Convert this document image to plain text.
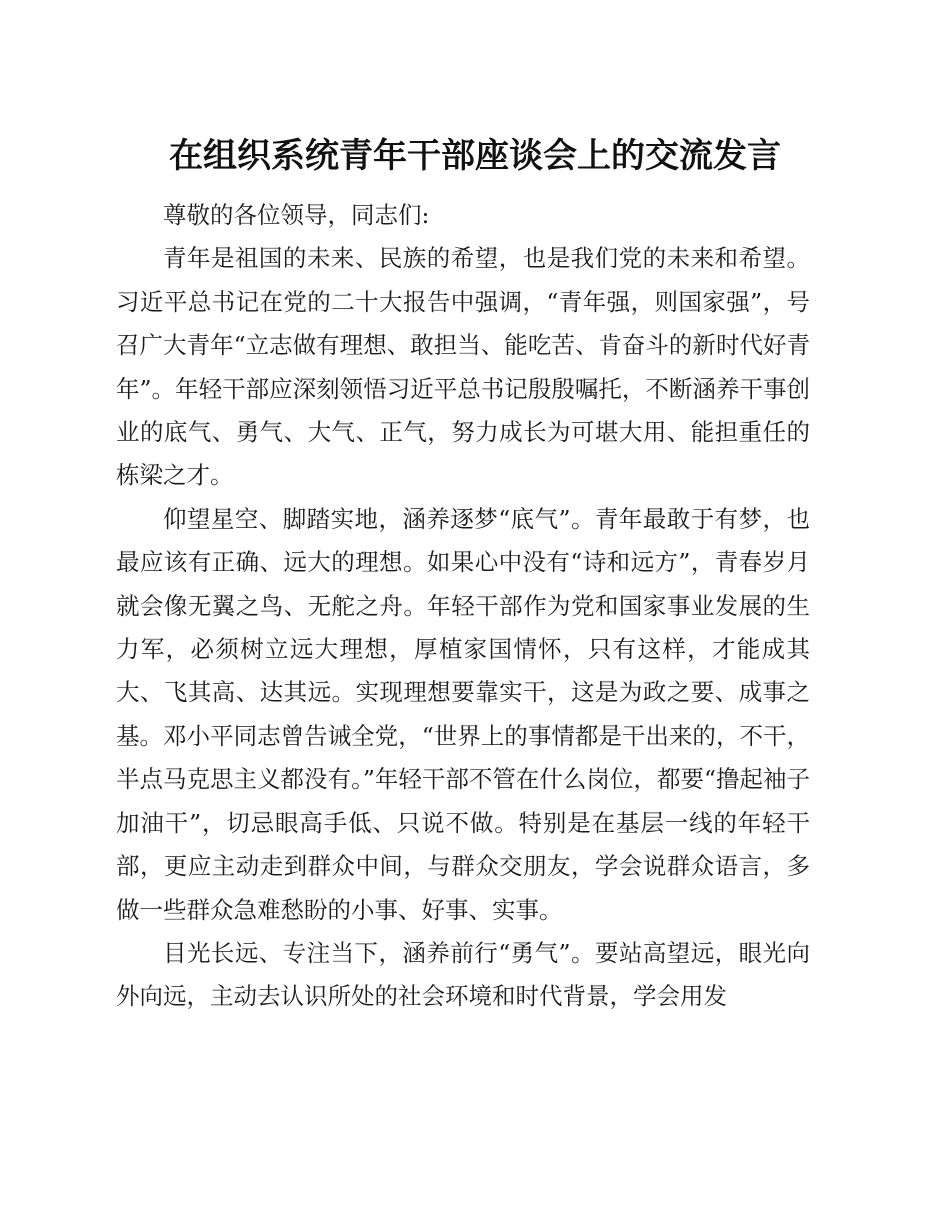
在组织系统青年干部座谈会上的交流发言

尊敬的各位领导，同志们:

青年是祖国的未来、民族的希望，也是我们党的未来和希望。习近平总书记在党的二十大报告中强调，“青年强，则国家强”，号召广大青年“立志做有理想、敢担当、能吃苦、肯奋斗的新时代好青年”。年轻干部应深刻领悟习近平总书记殷殷嘱托，不断涵养干事创业的底气、勇气、大气、正气，努力成长为可堪大用、能担重任的栋梁之才。

仰望星空、脚踏实地，涵养逐梦“底气”。青年最敢于有梦，也最应该有正确、远大的理想。如果心中没有“诗和远方”，青春岁月就会像无翼之鸟、无舵之舟。年轻干部作为党和国家事业发展的生力军，必须树立远大理想，厚植家国情怀，只有这样，才能成其大、飞其高、达其远。实现理想要靠实干，这是为政之要、成事之基。邓小平同志曾告诫全党，“世界上的事情都是干出来的，不干，半点马克思主义都没有。”年轻干部不管在什么岗位，都要“撸起袖子加油干”，切忌眼高手低、只说不做。特别是在基层一线的年轻干部，更应主动走到群众中间，与群众交朋友，学会说群众语言，多做一些群众急难愁盼的小事、好事、实事。

目光长远、专注当下，涵养前行“勇气”。要站高望远，眼光向外向远，主动去认识所处的社会环境和时代背景，学会用发
